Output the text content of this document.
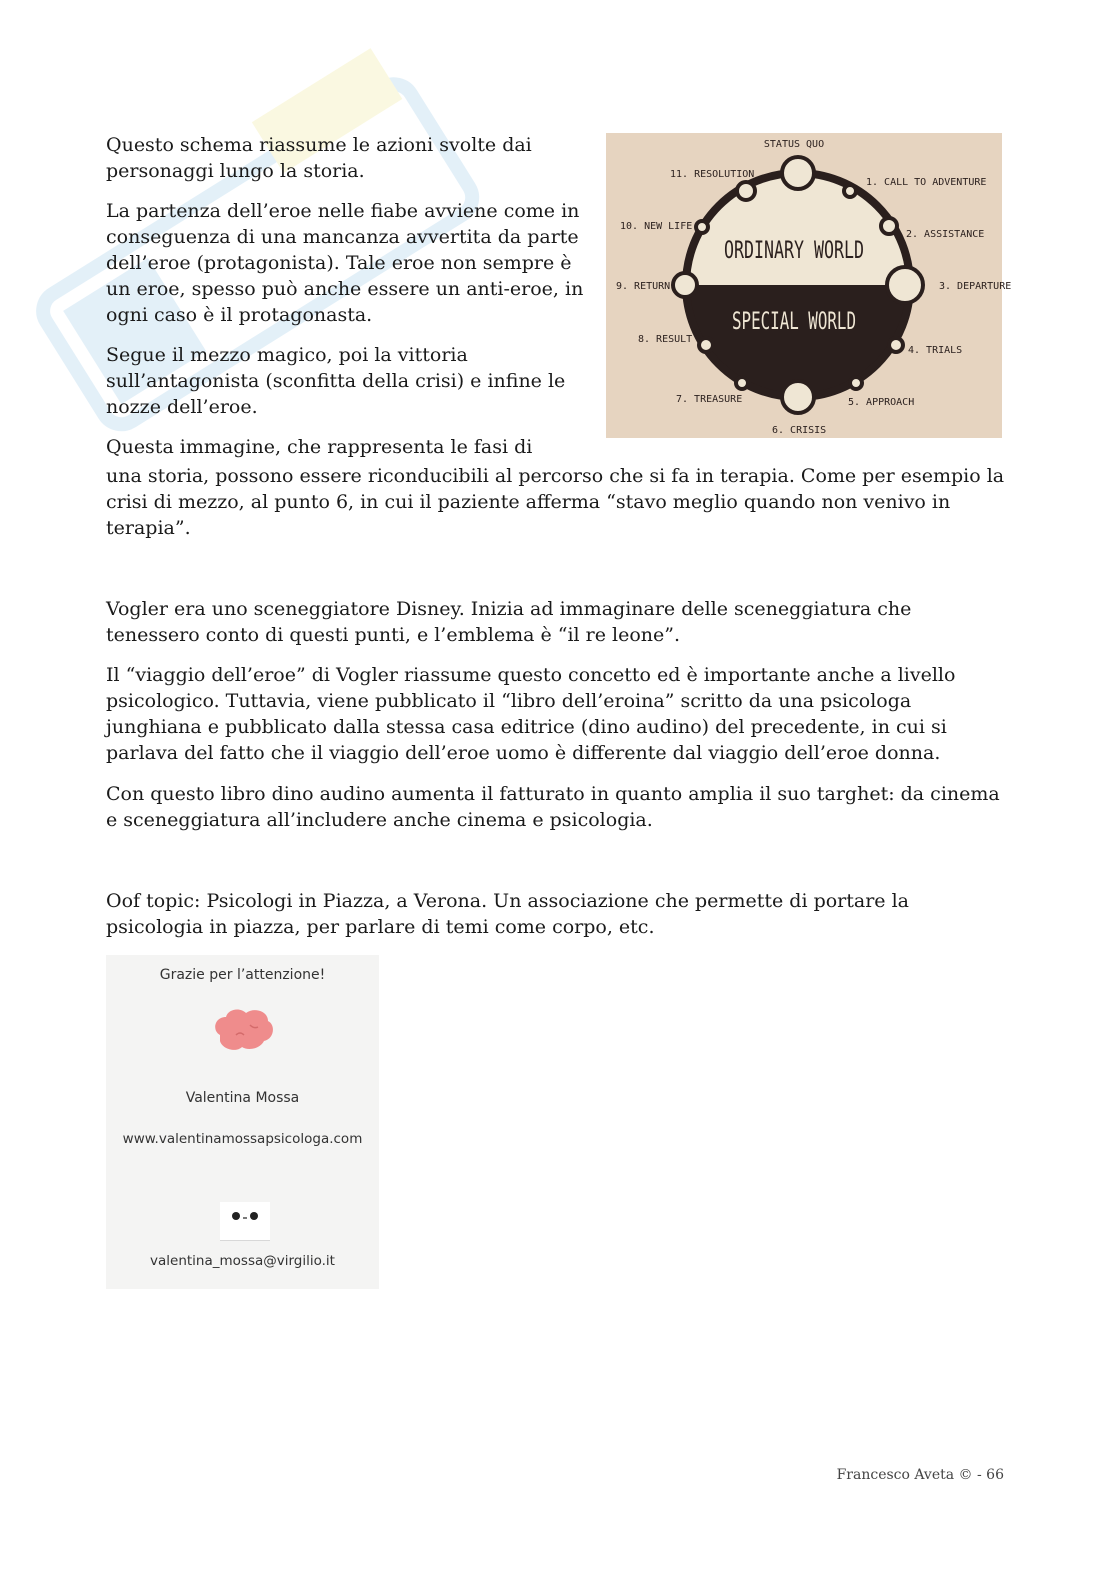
Questo schema riassume le azioni svolte dai personaggi lungo la storia.

La partenza dell’eroe nelle fiabe avviene come in conseguenza di una mancanza avvertita da parte dell’eroe (protagonista). Tale eroe non sempre è un eroe, spesso può anche essere un anti-eroe, in ogni caso è il protagonasta.

Segue il mezzo magico, poi la vittoria sull’antagonista (sconfitta della crisi) e infine le nozze dell’eroe.

Questa immagine, che rappresenta le fasi di

ORDINARY WORLD
SPECIAL WORLD
STATUS QUO
1. CALL TO ADVENTURE
2. ASSISTANCE
3. DEPARTURE
4. TRIALS
5. APPROACH
6. CRISIS
7. TREASURE
8. RESULT
9. RETURN
10. NEW LIFE
11. RESOLUTION

una storia, possono essere riconducibili al percorso che si fa in terapia. Come per esempio la crisi di mezzo, al punto 6, in cui il paziente afferma “stavo meglio quando non venivo in terapia”.

Vogler era uno sceneggiatore Disney. Inizia ad immaginare delle sceneggiatura che tenessero conto di questi punti, e l’emblema è “il re leone”.

Il “viaggio dell’eroe” di Vogler riassume questo concetto ed è importante anche a livello psicologico. Tuttavia, viene pubblicato il “libro dell’eroina” scritto da una psicologa junghiana e pubblicato dalla stessa casa editrice (dino audino) del precedente, in cui si parlava del fatto che il viaggio dell’eroe uomo è differente dal viaggio dell’eroe donna.

Con questo libro dino audino aumenta il fatturato in quanto amplia il suo targhet: da cinema e sceneggiatura all’includere anche cinema e psicologia.

Oof topic: Psicologi in Piazza, a Verona. Un associazione che permette di portare la psicologia in piazza, per parlare di temi come corpo, etc.

Grazie per l’attenzione!
Valentina Mossa
www.valentinamossapsicologa.com
valentina_mossa@virgilio.it
Francesco Aveta © - 66
